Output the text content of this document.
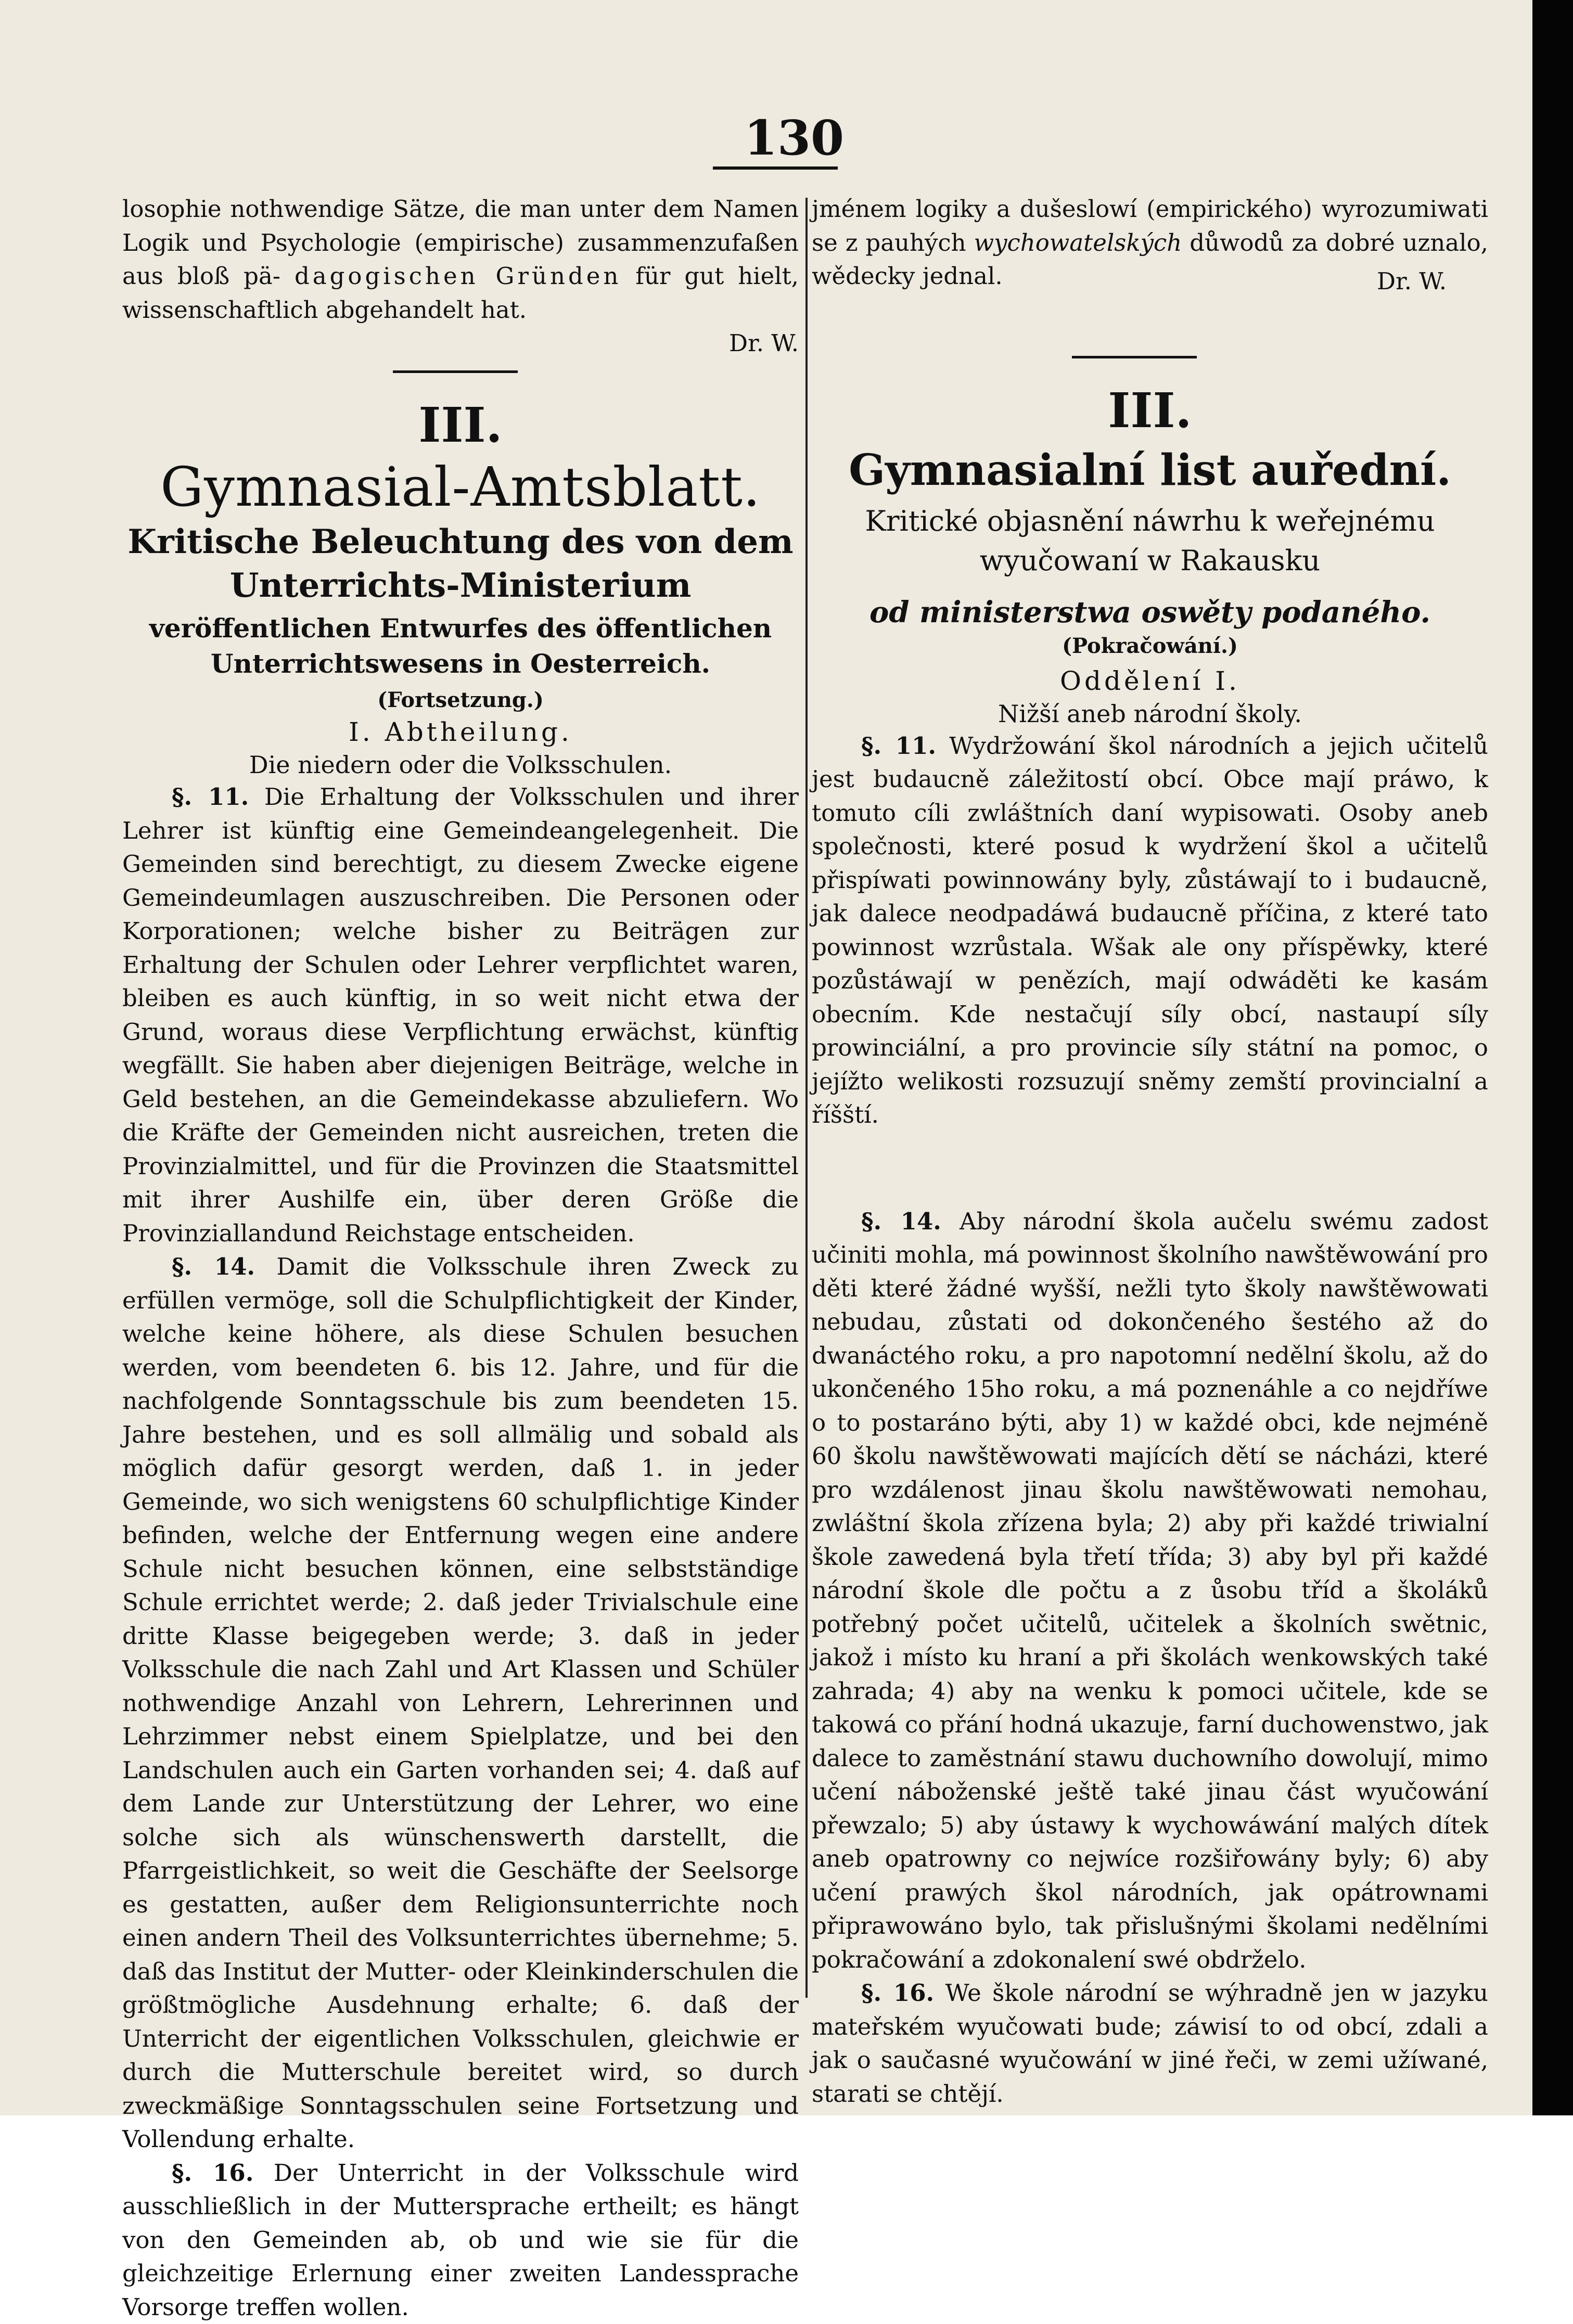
130

losophie nothwendige Sätze, die man unter dem Namen Logik und Psychologie (empirische) zusammenzufaßen aus bloß pä- dagogischen Gründen für gut hielt, wissenschaftlich abgehandelt hat.

Dr. W.

III.

Gymnasial-Amtsblatt.

Kritische Beleuchtung des von dem

Unterrichts-Ministerium

veröffentlichen Entwurfes des öffentlichen Unterrichtswesens in Oesterreich.

(Fortsetzung.)

I. Abtheilung.

Die niedern oder die Volksschulen.

§. 11. Die Erhaltung der Volksschulen und ihrer Lehrer ist künftig eine Gemeindeangelegenheit. Die Gemeinden sind berechtigt, zu diesem Zwecke eigene Gemeindeumlagen auszuschreiben. Die Personen oder Korporationen; welche bisher zu Beiträgen zur Erhaltung der Schulen oder Lehrer verpflichtet waren, bleiben es auch künftig, in so weit nicht etwa der Grund, woraus diese Verpflichtung erwächst, künftig wegfällt. Sie haben aber diejenigen Beiträge, welche in Geld bestehen, an die Gemeindekasse abzuliefern. Wo die Kräfte der Gemeinden nicht ausreichen, treten die Provinzialmittel, und für die Provinzen die Staatsmittel mit ihrer Aushilfe ein, über deren Größe die Provinziallandund Reichstage entscheiden.

§. 14. Damit die Volksschule ihren Zweck zu erfüllen vermöge, soll die Schulpflichtigkeit der Kinder, welche keine höhere, als diese Schulen besuchen werden, vom beendeten 6. bis 12. Jahre, und für die nachfolgende Sonntagsschule bis zum beendeten 15. Jahre bestehen, und es soll allmälig und sobald als möglich dafür gesorgt werden, daß 1. in jeder Gemeinde, wo sich wenigstens 60 schulpflichtige Kinder befinden, welche der Entfernung wegen eine andere Schule nicht besuchen können, eine selbstständige Schule errichtet werde; 2. daß jeder Trivialschule eine dritte Klasse beigegeben werde; 3. daß in jeder Volksschule die nach Zahl und Art Klassen und Schüler nothwendige Anzahl von Lehrern, Lehrerinnen und Lehrzimmer nebst einem Spielplatze, und bei den Landschulen auch ein Garten vorhanden sei; 4. daß auf dem Lande zur Unterstützung der Lehrer, wo eine solche sich als wünschenswerth darstellt, die Pfarrgeistlichkeit, so weit die Geschäfte der Seelsorge es gestatten, außer dem Religionsunterrichte noch einen andern Theil des Volksunterrichtes übernehme; 5. daß das Institut der Mutter- oder Kleinkinderschulen die größtmögliche Ausdehnung erhalte; 6. daß der Unterricht der eigentlichen Volksschulen, gleichwie er durch die Mutterschule bereitet wird, so durch zweckmäßige Sonntagsschulen seine Fortsetzung und Vollendung erhalte.

§. 16. Der Unterricht in der Volksschule wird ausschließlich in der Muttersprache ertheilt; es hängt von den Gemeinden ab, ob und wie sie für die gleichzeitige Erlernung einer zweiten Landessprache Vorsorge treffen wollen.

jménem logiky a dušeslowí (empirického) wyrozumiwati se z pauhých wychowatelských důwodů za dobré uznalo, wědecky jednal.	Dr. W.

III.

Gymnasialní list auřední.

Kritické objasnění náwrhu k weřejnému wyučowaní w Rakausku

od ministerstwa oswěty podaného.

(Pokračowání.)

Oddělení I.

Nižší aneb národní školy.

§. 11. Wydržowání škol národních a jejich učitelů jest budaucně záležitostí obcí. Obce mají práwo, k tomuto cíli zwláštních daní wypisowati. Osoby aneb společnosti, které posud k wydržení škol a učitelů přispíwati powinnowány byly, zůstáwají to i budaucně, jak dalece neodpadáwá budaucně příčina, z které tato powinnost wzrůstala. Wšak ale ony příspěwky, které pozůstáwají w penězích, mají odwáděti ke kasám obecním. Kde nestačují síly obcí, nastaupí síly prowinciální, a pro provincie síly státní na pomoc, o jejížto welikosti rozsuzují sněmy zemští provincialní a říšští.

§. 14. Aby národní škola aučelu swému zadost učiniti mohla, má powinnost školního nawštěwowání pro děti které žádné wyšší, nežli tyto školy nawštěwowati nebudau, zůstati od dokončeného šestého až do dwanáctého roku, a pro napotomní nedělní školu, až do ukončeného 15ho roku, a má poznenáhle a co nejdříwe o to postaráno býti, aby 1) w každé obci, kde nejméně 60 školu nawštěwowati majících dětí se nácházi, které pro wzdálenost jinau školu nawštěwowati nemohau, zwláštní škola zřízena byla; 2) aby při každé triwialní škole zawedená byla třetí třída; 3) aby byl při každé národní škole dle počtu a z ůsobu tříd a školáků potřebný počet učitelů, učitelek a školních swětnic, jakož i místo ku hraní a při školách wenkowských také zahrada; 4) aby na wenku k pomoci učitele, kde se takowá co přání hodná ukazuje, farní duchowenstwo, jak dalece to zaměstnání stawu duchowního dowolují, mimo učení náboženské ještě také jinau část wyučowání přewzalo; 5) aby ústawy k wychowáwání malých dítek aneb opatrowny co nejwíce rozšiřowány byly; 6) aby učení prawých škol národních, jak opátrownami připrawowáno bylo, tak přislušnými školami nedělními pokračowání a zdokonalení swé obdrželo.

§. 16. We škole národní se wýhradně jen w jazyku mateřském wyučowati bude; záwisí to od obcí, zdali a jak o saučasné wyučowání w jiné řeči, w zemi užíwané, starati se chtějí.
